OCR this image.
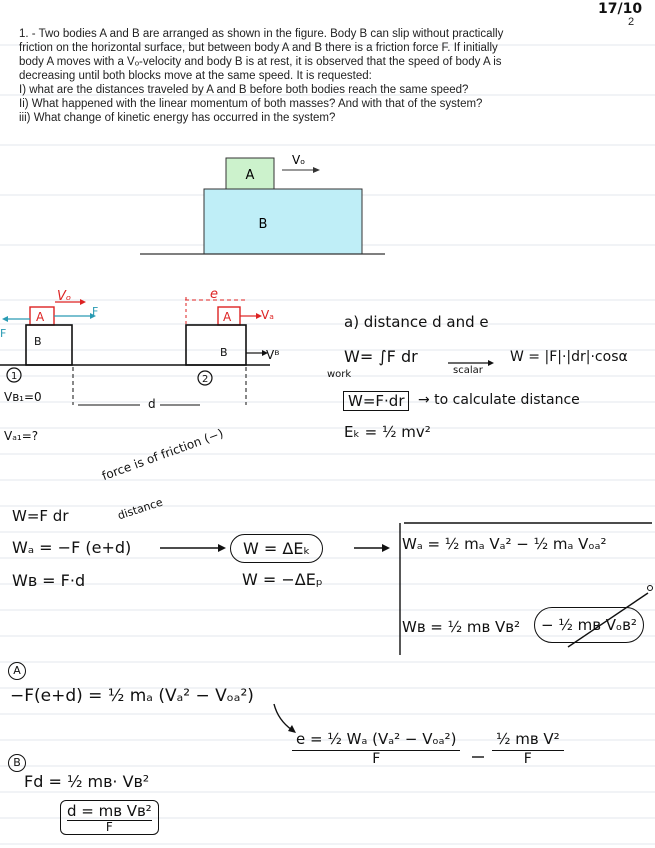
17/10
2

1. - Two bodies A and B are arranged as shown in the figure. Body B can slip without practically

friction on the horizontal surface, but between body A and B there is a friction force F. If initially

body A moves with a Vₒ-velocity and body B is at rest, it is observed that the speed of body A is

decreasing until both blocks move at the same speed. It is requested:

I) what are the distances traveled by A and B before both bodies reach the same speed?

Ii) What happened with the linear momentum of both masses? And with that of the system?

iii) What change of kinetic energy has occurred in the system?

A
B
Vₒ
Vₒ
A	F
F
B
1
Vʙ₁=0
Vₐ₁=?
d
e
A Vₐ
B	Vᴮ
2
a) distance d and e
W= ∫F dr
work	scalar
W = |F|·|dr|·cosα
W=F·dr → to calculate distance
Eₖ = ½ mv²
force is of friction (−)
W=F dr	distance
Wₐ = −F (e+d)
Wʙ = F·d
W = ΔEₖ
W = −ΔEₚ
Wₐ = ½ mₐ Vₐ² − ½ mₐ Vₒₐ²
Wʙ = ½ mʙ Vʙ²	− ½ mʙ Vₒʙ²
A
−F(e+d) = ½ mₐ (Vₐ² − Vₒₐ²)
B
Fd = ½ mʙ· Vʙ²
d = mʙ Vʙ²
F
e = ½ Wₐ (Vₐ² − Vₒₐ²)
F
½ mʙ V²
F
